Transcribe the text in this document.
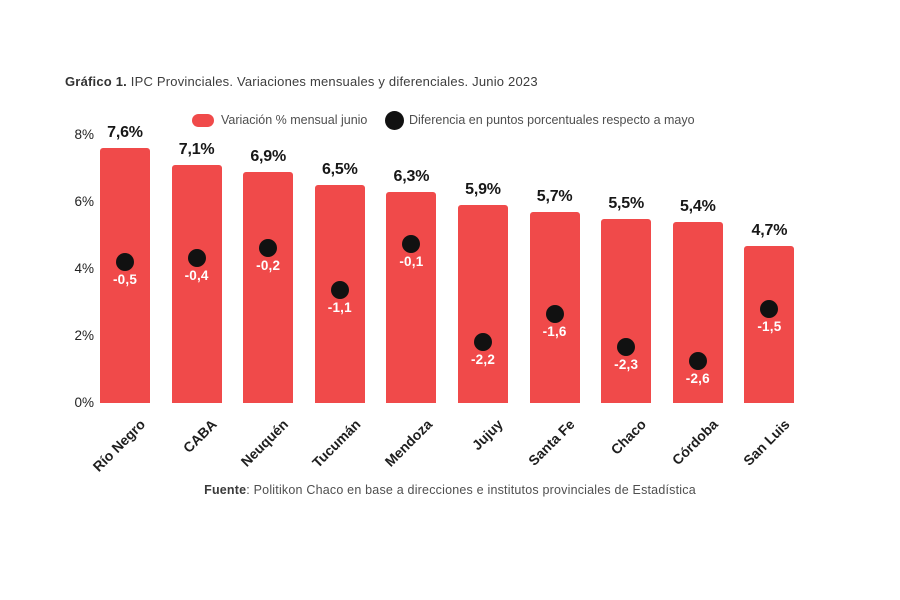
Gráfico 1. IPC Provinciales. Variaciones mensuales y diferenciales. Junio 2023
Variación % mensual junio	Diferencia en puntos porcentuales respecto a mayo
0%
2%
4%
6%
8% 7,6%
-0,5
Río Negro
7,1%
-0,4
CABA
6,9%
-0,2
Neuquén
6,5%
-1,1
Tucumán
6,3%
-0,1
Mendoza
5,9%
-2,2
Jujuy
5,7%
-1,6
Santa Fe
5,5%
-2,3
Chaco
5,4%
-2,6
Córdoba
4,7%
-1,5
San Luis
Fuente: Politikon Chaco en base a direcciones e institutos provinciales de Estadística
